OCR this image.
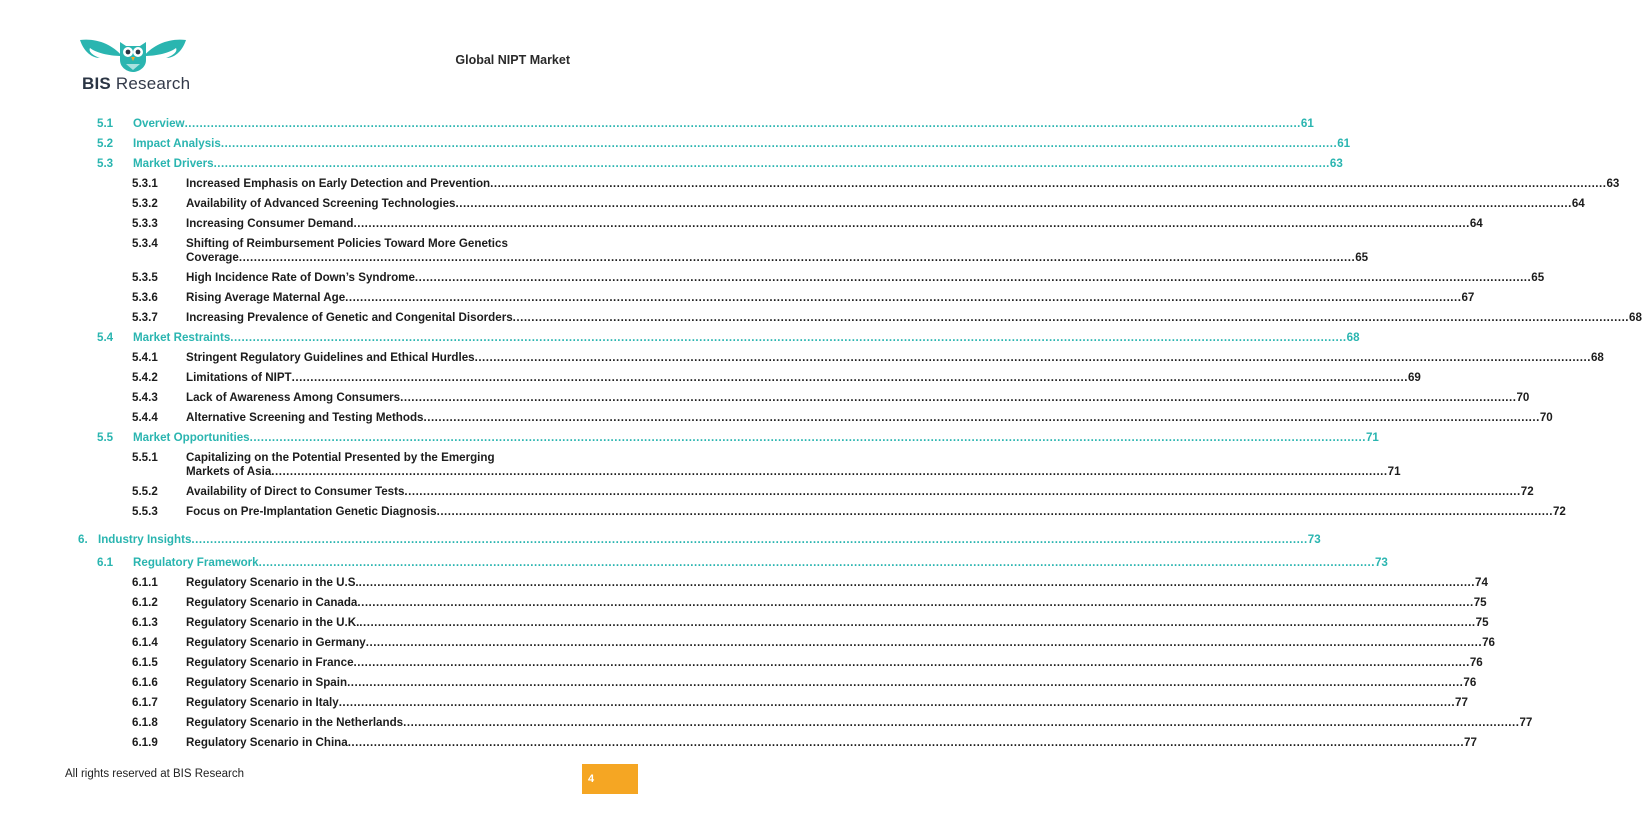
BIS Research
Global NIPT Market
5.1 Overview ............................................................................................................................................................................................................................................................................................................ 61
5.2 Impact Analysis ............................................................................................................................................................................................................................................................................................................ 61
5.3 Market Drivers ............................................................................................................................................................................................................................................................................................................ 63
5.3.1 Increased Emphasis on Early Detection and Prevention ............................................................................................................................................................................................................................................................................................................ 63
5.3.2 Availability of Advanced Screening Technologies ............................................................................................................................................................................................................................................................................................................ 64
5.3.3 Increasing Consumer Demand ............................................................................................................................................................................................................................................................................................................ 64
5.3.4 Shifting of Reimbursement Policies Toward More Genetics
Coverage ............................................................................................................................................................................................................................................................................................................ 65
5.3.5 High Incidence Rate of Down’s Syndrome ............................................................................................................................................................................................................................................................................................................ 65
5.3.6 Rising Average Maternal Age ............................................................................................................................................................................................................................................................................................................ 67
5.3.7 Increasing Prevalence of Genetic and Congenital Disorders ............................................................................................................................................................................................................................................................................................................ 68
5.4 Market Restraints ............................................................................................................................................................................................................................................................................................................ 68
5.4.1 Stringent Regulatory Guidelines and Ethical Hurdles ............................................................................................................................................................................................................................................................................................................ 68
5.4.2 Limitations of NIPT ............................................................................................................................................................................................................................................................................................................ 69
5.4.3 Lack of Awareness Among Consumers ............................................................................................................................................................................................................................................................................................................ 70
5.4.4 Alternative Screening and Testing Methods ............................................................................................................................................................................................................................................................................................................ 70
5.5 Market Opportunities ............................................................................................................................................................................................................................................................................................................ 71
5.5.1 Capitalizing on the Potential Presented by the Emerging
Markets of Asia ............................................................................................................................................................................................................................................................................................................ 71
5.5.2 Availability of Direct to Consumer Tests ............................................................................................................................................................................................................................................................................................................ 72
5.5.3 Focus on Pre-Implantation Genetic Diagnosis ............................................................................................................................................................................................................................................................................................................ 72
6. Industry Insights ............................................................................................................................................................................................................................................................................................................ 73
6.1 Regulatory Framework ............................................................................................................................................................................................................................................................................................................ 73
6.1.1 Regulatory Scenario in the U.S. ............................................................................................................................................................................................................................................................................................................ 74
6.1.2 Regulatory Scenario in Canada ............................................................................................................................................................................................................................................................................................................ 75
6.1.3 Regulatory Scenario in the U.K. ............................................................................................................................................................................................................................................................................................................ 75
6.1.4 Regulatory Scenario in Germany ............................................................................................................................................................................................................................................................................................................ 76
6.1.5 Regulatory Scenario in France ............................................................................................................................................................................................................................................................................................................ 76
6.1.6 Regulatory Scenario in Spain ............................................................................................................................................................................................................................................................................................................ 76
6.1.7 Regulatory Scenario in Italy ............................................................................................................................................................................................................................................................................................................ 77
6.1.8 Regulatory Scenario in the Netherlands ............................................................................................................................................................................................................................................................................................................ 77
6.1.9 Regulatory Scenario in China ............................................................................................................................................................................................................................................................................................................ 77
All rights reserved at BIS Research	4
